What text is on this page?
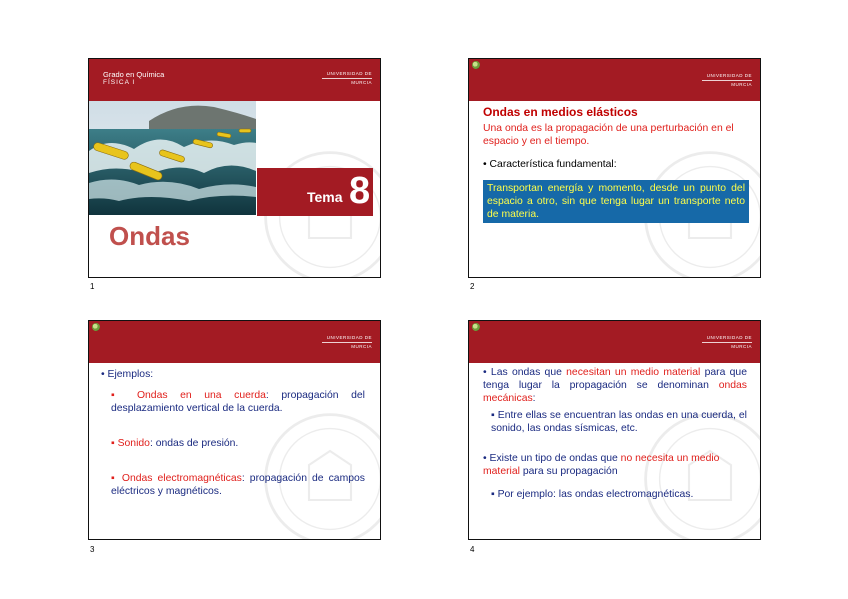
Grado en Química
FÍSICA I
UNIVERSIDAD DE
MURCIA
Tema 8
Ondas
1
UNIVERSIDAD DE
MURCIA
Ondas en medios elásticos
Una onda es la propagación de una perturbación en el espacio y en el tiempo.
• Característica fundamental:
Transportan energía y momento, desde un punto del espacio a otro, sin que tenga lugar un transporte neto de materia.
2
UNIVERSIDAD DE
MURCIA
• Ejemplos:
▪ Ondas en una cuerda: propagación del desplazamiento vertical de la cuerda.
▪ Sonido: ondas de presión.
▪ Ondas electromagnéticas: propagación de campos eléctricos y magnéticos.
3
UNIVERSIDAD DE
MURCIA
• Las ondas que necesitan un medio material para que tenga lugar la propagación se denominan ondas mecánicas:
▪ Entre ellas se encuentran las ondas en una cuerda, el sonido, las ondas sísmicas, etc.
• Existe un tipo de ondas que no necesita un medio material para su propagación
▪ Por ejemplo: las ondas electromagnéticas.
4
